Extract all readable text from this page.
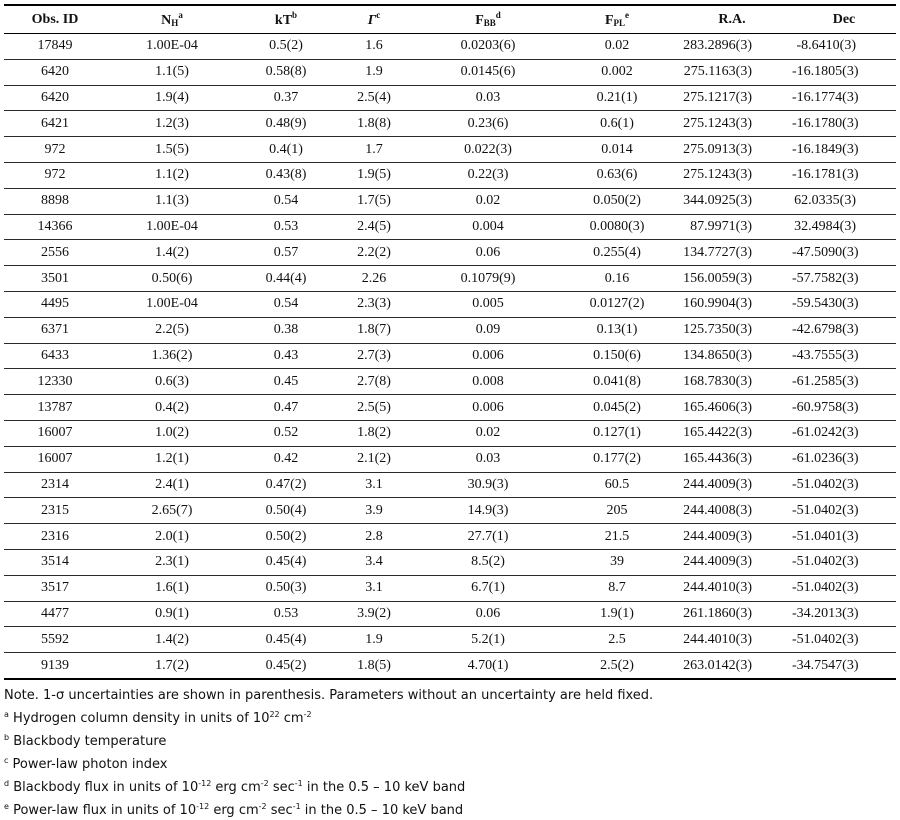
Obs. ID	$N_H^a$	$kT^b$	$\Gamma^c$	$F_{BB}^d$	$F_{PL}^e$	R.A.	Dec
17849	1.00E-04	0.5(2)	1.6	0.0203(6)	0.02	283.2896(3)	-8.6410(3)
6420	1.1(5)	0.58(8)	1.9	0.0145(6)	0.002	275.1163(3)	-16.1805(3)
6420	1.9(4)	0.37	2.5(4)	0.03	0.21(1)	275.1217(3)	-16.1774(3)
6421	1.2(3)	0.48(9)	1.8(8)	0.23(6)	0.6(1)	275.1243(3)	-16.1780(3)
972	1.5(5)	0.4(1)	1.7	0.022(3)	0.014	275.0913(3)	-16.1849(3)
972	1.1(2)	0.43(8)	1.9(5)	0.22(3)	0.63(6)	275.1243(3)	-16.1781(3)
8898	1.1(3)	0.54	1.7(5)	0.02	0.050(2)	344.0925(3)	62.0335(3)
14366	1.00E-04	0.53	2.4(5)	0.004	0.0080(3)	87.9971(3)	32.4984(3)
2556	1.4(2)	0.57	2.2(2)	0.06	0.255(4)	134.7727(3)	-47.5090(3)
3501	0.50(6)	0.44(4)	2.26	0.1079(9)	0.16	156.0059(3)	-57.7582(3)
4495	1.00E-04	0.54	2.3(3)	0.005	0.0127(2)	160.9904(3)	-59.5430(3)
6371	2.2(5)	0.38	1.8(7)	0.09	0.13(1)	125.7350(3)	-42.6798(3)
6433	1.36(2)	0.43	2.7(3)	0.006	0.150(6)	134.8650(3)	-43.7555(3)
12330	0.6(3)	0.45	2.7(8)	0.008	0.041(8)	168.7830(3)	-61.2585(3)
13787	0.4(2)	0.47	2.5(5)	0.006	0.045(2)	165.4606(3)	-60.9758(3)
16007	1.0(2)	0.52	1.8(2)	0.02	0.127(1)	165.4422(3)	-61.0242(3)
16007	1.2(1)	0.42	2.1(2)	0.03	0.177(2)	165.4436(3)	-61.0236(3)
2314	2.4(1)	0.47(2)	3.1	30.9(3)	60.5	244.4009(3)	-51.0402(3)
2315	2.65(7)	0.50(4)	3.9	14.9(3)	205	244.4008(3)	-51.0402(3)
2316	2.0(1)	0.50(2)	2.8	27.7(1)	21.5	244.4009(3)	-51.0401(3)
3514	2.3(1)	0.45(4)	3.4	8.5(2)	39	244.4009(3)	-51.0402(3)
3517	1.6(1)	0.50(3)	3.1	6.7(1)	8.7	244.4010(3)	-51.0402(3)
4477	0.9(1)	0.53	3.9(2)	0.06	1.9(1)	261.1860(3)	-34.2013(3)
5592	1.4(2)	0.45(4)	1.9	5.2(1)	2.5	244.4010(3)	-51.0402(3)
9139	1.7(2)	0.45(2)	1.8(5)	4.70(1)	2.5(2)	263.0142(3)	-34.7547(3)
Note. 1-σ uncertainties are shown in parenthesis. Parameters without an uncertainty are held fixed.
$^a$ Hydrogen column density in units of $10^{22}$ $cm^{-2}$
$^b$ Blackbody temperature
$^c$ Power-law photon index
$^d$ Blackbody flux in units of $10^{-12}$ erg $cm^{-2}$ $\sec^{-1}$ in the 0.5 – 10 keV band
$^e$ Power-law flux in units of $10^{-12}$ erg $cm^{-2}$ $\sec^{-1}$ in the 0.5 – 10 keV band
